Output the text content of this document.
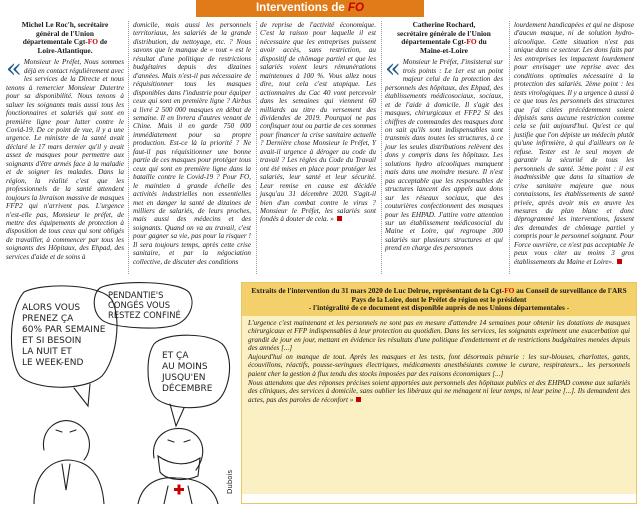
Interventions de FO
Michel Le Roc'h, secrétaire
général de l'Union
départementale Cgt-FO de
Loire-Atlantique.

« Monsieur le Préfet, Nous sommes déjà en contact régulièrement avec les services de la Directe et nous tenons à remercier Monsieur Dutertre pour sa disponibilité. Nous tenons à saluer les soignants mais aussi tous les fonctionnaires et salariés qui sont en première ligne pour lutter contre le Covid-19. De ce point de vue, il y a une urgence. Le ministre de la santé avait déclaré le 17 mars dernier qu'il y avait assez de masques pour permettre aux soignants d'être armés face à la maladie et de soigner les malades. Dans la région, la réalité c'est que les professionnels de la santé attendent toujours la livraison massive de masques FFP2 qui n'arrivent pas. L'urgence n'est-elle pas, Monsieur le préfet, de mettre des équipements de protection à disposition de tous ceux qui sont obligés de travailler, à commencer par tous les soignants des Hôpitaux, des Ehpad, des services d'aide et de soins à

domicile, mais aussi les personnels territoriaux, les salariés de la grande distribution, du nettoyage, etc. ? Nous savons que le manque de « tout » est le résultat d'une politique de restrictions budgétaires depuis des dizaines d'années. Mais n'est-il pas nécessaire de réquisitionner tous les masques disponibles dans l'industrie pour équiper ceux qui sont en première ligne ? Airbus a livré 2 500 000 masques en début de semaine. Il en livrera d'autres venant de Chine. Mais il en garde 750 000 immédiatement pour sa propre production. Est-ce là la priorité ? Ne faut-il pas réquisitionner une bonne partie de ces masques pour protéger tous ceux qui sont en première ligne dans la bataille contre le Covid-19 ? Pour FO, le maintien à grande échelle des activités industrielles non essentielles met en danger la santé de dizaines de milliers de salariés, de leurs proches, mais aussi des médecins et des soignants. Quand on va au travail, c'est pour gagner sa vie, pas pour la risquer ! Il sera toujours temps, après cette crise sanitaire, et par la négociation collective, de discuter des conditions

de reprise de l'activité économique. C'est la raison pour laquelle il est nécessaire que les entreprises puissent avoir accès, sans restriction, au dispositif de chômage partiel et que les salariés voient leurs rémunérations maintenues à 100 %. Vous allez nous dire, tout cela c'est utopique. Les actionnaires du Cac 40 vont percevoir dans les semaines qui viennent 60 milliards au titre du versement des dividendes de 2019. Pourquoi ne pas confisquer tout ou partie de ces sommes pour financer la crise sanitaire actuelle ? Dernière chose Monsieur le Préfet, Y avait-il urgence à déroger au code du travail ? Les règles du Code du Travail ont été mises en place pour protéger les salariés, leur santé et leur sécurité. Leur remise en cause est décidée jusqu'au 31 décembre 2020. S'agit-il bien d'un combat contre le virus ? Monsieur le Préfet, les salariés sont fondés à douter de cela. »

Catherine Rochard,
secrétaire générale de l'Union
départementale Cgt-FO du
Maine-et-Loire

« Monsieur le Préfet, J'insisterai sur trois points : Le 1er est un point majeur celui de la protection des personnels des hôpitaux, des Ehpad, des établissements médicosociaux, sociaux, et de l'aide à domicile. Il s'agit des masques, chirurgicaux et FFP2 Si des chiffres de commandes des masques dont on sait qu'ils sont indispensables sont transmis dans toutes les structures, à ce jour les seules distributions relèvent des dons y compris dans les hôpitaux. Les solutions hydro alcooliques manquent mais dans une moindre mesure. Il n'est pas acceptable que les responsables de structures lancent des appels aux dons sur les réseaux sociaux, que des couturières confectionnent des masques pour les EHPAD. J'attire votre attention sur un établissement médicosocial du Maine et Loire, qui regroupe 300 salariés sur plusieurs structures et qui prend en charge des personnes

lourdement handicapées et qui ne dispose d'aucun masque, ni de solution hydro-alcoolique. Cette situation n'est pas unique dans ce secteur. Les dons faits par les entreprises les impactent lourdement pour envisager une reprise avec des conditions optimales nécessaire à la protection des salariés. 2ème point : les tests virologiques. Il y a urgence à aussi à ce que tous les personnels des structures que j'ai citées précédemment soient dépistés sans aucune restriction comme cela se fait aujourd'hui. Qu'est ce qui justifie que l'on dépiste un médecin plutôt qu'une infirmière, à qui d'ailleurs on le refuse. Tester est le seul moyen de garantir la sécurité de tous les personnels de santé. 3ème point : il est inadmissible que dans la situation de crise sanitaire majeure que nous connaissons, les établissements de santé privée, après avoir mis en œuvre les mesures du plan blanc et donc déprogrammé les interventions, fassent des demandes de chômage partiel y compris pour le personnel soignant. Pour Force ouvrière, ce n'est pas acceptable Je peux vous citer au moins 3 gros établissements du Maine et Loire».

ALORS VOUS PRENEZ ÇA 60% PAR SEMAINE ET SI BESOIN LA NUIT ET LE WEEK-END
PENDANTIE'S CONGÉS VOUS RESTEZ CONFINÉ
ET ÇA AU MOINS JUSQU'EN DÉCEMBRE
Dubois
Extraits de l'intervention du 31 mars 2020 de Luc Delrue, représentant de la Cgt-FO au Conseil de surveillance de l'ARS Pays de la Loire, dont le Préfet de région est le président
- l'intégralité de ce document est disponible auprès de nos Unions départementales -

L'urgence c'est maintenant et les personnels ne sont pas en mesure d'attendre 14 semaines pour obtenir les dotations de masques chirurgicaux et FFP indispensables à leur protection au quotidien. Dans les services, les soignants expriment une exacerbation qui grandit de jour en jour, mettant en évidence les résultats d'une politique d'endettement et de restrictions budgétaires menées depuis des années [...]

Aujourd'hui on manque de tout. Après les masques et les tests, font désormais pénurie : les sur-blouses, charlottes, gants, écouvillons, réactifs, pousse-seringues électriques, médicaments anesthésiants comme le curare, respirateurs... les personnels paient cher la gestion à flux tendu des stocks imposées par des raisons économiques [...]

Nous attendons que des réponses précises soient apportées aux personnels des hôpitaux publics et des EHPAD comme aux salariés des cliniques, des services à domicile, sans oublier les libéraux qui ne ménagent ni leur temps, ni leur peine [...]. Ils demandent des actes, pas des paroles de réconfort »
